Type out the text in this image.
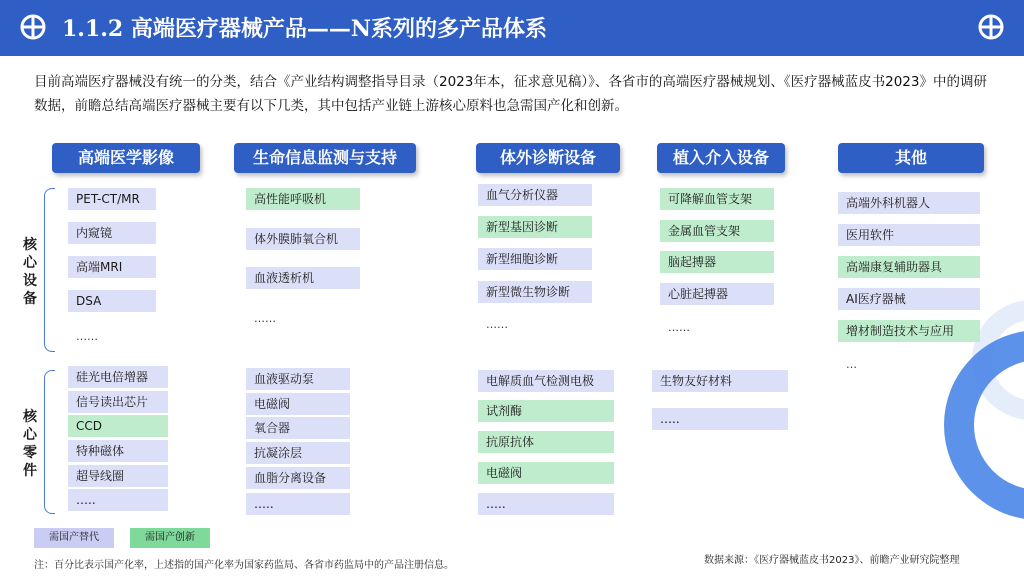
1.1.2 高端医疗器械产品——N系列的多产品体系
目前高端医疗器械没有统一的分类，结合《产业结构调整指导目录（2023年本，征求意见稿）》、各省市的高端医疗器械规划、《医疗器械蓝皮书2023》中的调研数据，前瞻总结高端医疗器械主要有以下几类，其中包括产业链上游核心原料也急需国产化和创新。
核心设备
核心零件
高端医学影像
PET-CT/MR
内窥镜
高端MRI
DSA
……
硅光电倍增器
信号读出芯片
CCD
特种磁体
超导线圈
…..
生命信息监测与支持
高性能呼吸机
体外膜肺氧合机
血液透析机
……
血液驱动泵
电磁阀
氧合器
抗凝涂层
血脂分离设备
…..
体外诊断设备
血气分析仪器
新型基因诊断
新型细胞诊断
新型微生物诊断
……
电解质血气检测电极
试剂酶
抗原抗体
电磁阀
…..
植入介入设备
可降解血管支架
金属血管支架
脑起搏器
心脏起搏器
……
生物友好材料
…..
其他
高端外科机器人
医用软件
高端康复辅助器具
AI医疗器械
增材制造技术与应用
…
需国产替代	需国产创新
注：百分比表示国产化率，上述指的国产化率为国家药监局、各省市药监局中的产品注册信息。	数据来源：《医疗器械蓝皮书2023》、前瞻产业研究院整理
